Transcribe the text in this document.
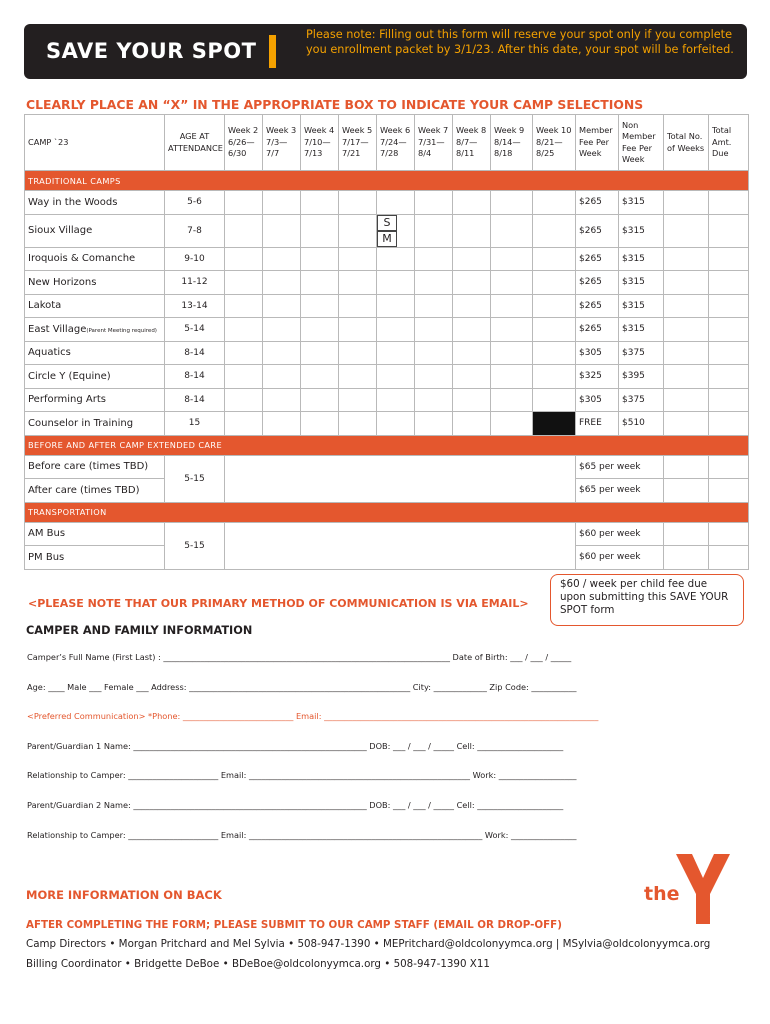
SAVE YOUR SPOT
Please note: Filling out this form will reserve your spot only if you complete you enrollment packet by 3/1/23. After this date, your spot will be forfeited.
CLEARLY PLACE AN “X” IN THE APPROPRIATE BOX TO INDICATE YOUR CAMP SELECTIONS
CAMP `23	AGE AT ATTENDANCE	Week 2 6/26— 6/30	Week 3 7/3— 7/7	Week 4 7/10— 7/13	Week 5 7/17— 7/21	Week 6 7/24— 7/28	Week 7 7/31— 8/4	Week 8 8/7— 8/11	Week 9 8/14— 8/18	Week 10 8/21— 8/25	Member Fee Per Week	Non Member Fee Per Week	Total No. of Weeks	Total Amt. Due
TRADITIONAL CAMPS														
Way in the Woods	5-6										$265	$315		
Sioux Village	7-8					SM					$265	$315		
Iroquois & Comanche	9-10										$265	$315		
New Horizons	11-12										$265	$315		
Lakota	13-14										$265	$315		
East Village(Parent Meeting required)	5-14										$265	$315		
Aquatics	8-14										$305	$375		
Circle Y (Equine)	8-14										$325	$395		
Performing Arts	8-14										$305	$375		
Counselor in Training	15										FREE	$510		
BEFORE AND AFTER CAMP EXTENDED CARE														
Before care (times TBD)	5-15										$65 per week			
After care (times TBD)											$65 per week			
TRANSPORTATION														
AM Bus	5-15										$60 per week			
PM Bus											$60 per week			
$60 / week per child fee due upon submitting this SAVE YOUR SPOT form
<PLEASE NOTE THAT OUR PRIMARY METHOD OF COMMUNICATION IS VIA EMAIL>
CAMPER AND FAMILY INFORMATION
Camper’s Full Name (First Last) : ______________________________________________________________________ Date of Birth: ___ / ___ / _____
Age: ____ Male ___ Female ___ Address: ______________________________________________________ City: _____________ Zip Code: ___________
<Preferred Communication> *Phone: ___________________________ Email: ___________________________________________________________________
Parent/Guardian 1 Name: _________________________________________________________ DOB: ___ / ___ / _____ Cell: _____________________
Relationship to Camper: ______________________ Email: ______________________________________________________ Work: ___________________
Parent/Guardian 2 Name: _________________________________________________________ DOB: ___ / ___ / _____ Cell: _____________________
Relationship to Camper: ______________________ Email: _________________________________________________________ Work: ________________
MORE INFORMATION ON BACK
AFTER COMPLETING THE FORM; PLEASE SUBMIT TO OUR CAMP STAFF (EMAIL OR DROP-OFF)
Camp Directors • Morgan Pritchard and Mel Sylvia • 508-947-1390 • MEPritchard@oldcolonyymca.org | MSylvia@oldcolonyymca.org
Billing Coordinator • Bridgette DeBoe • BDeBoe@oldcolonyymca.org • 508-947-1390 X11
the
YMCA
